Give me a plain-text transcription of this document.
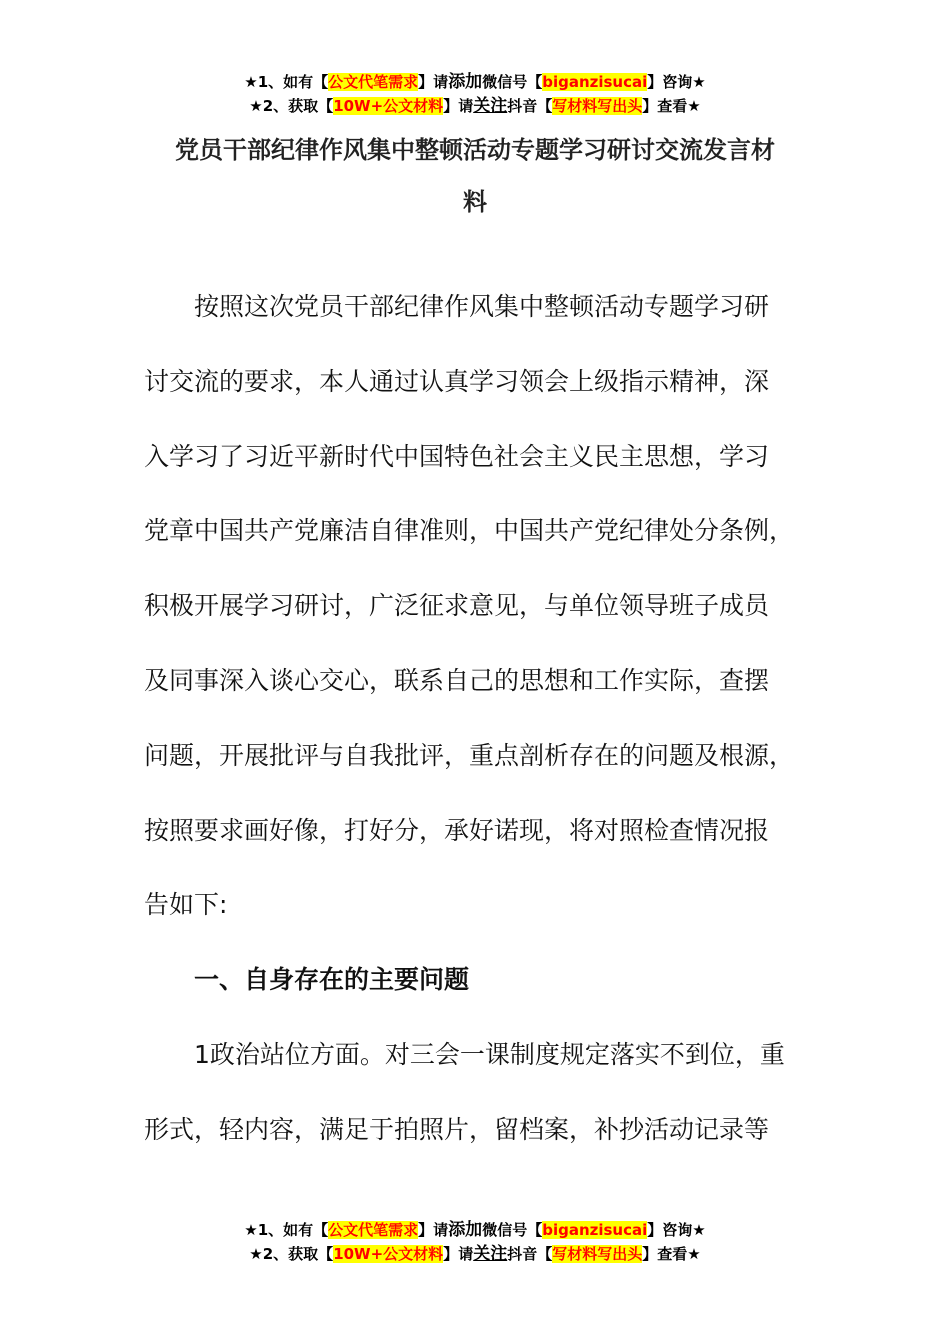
★1、如有【公文代笔需求】请添加微信号【biganzisucai】咨询★
★2、获取【10W+公文材料】请关注抖音【写材料写出头】查看★
党员干部纪律作风集中整顿活动专题学习研讨交流发言材
料
按照这次党员干部纪律作风集中整顿活动专题学习研
讨交流的要求，本人通过认真学习领会上级指示精神，深
入学习了习近平新时代中国特色社会主义民主思想，学习
党章中国共产党廉洁自律准则，中国共产党纪律处分条例，
积极开展学习研讨，广泛征求意见，与单位领导班子成员
及同事深入谈心交心，联系自己的思想和工作实际，查摆
问题，开展批评与自我批评，重点剖析存在的问题及根源，
按照要求画好像，打好分，承好诺现，将对照检查情况报
告如下:
一、自身存在的主要问题
1政治站位方面。对三会一课制度规定落实不到位，重
形式，轻内容，满足于拍照片，留档案，补抄活动记录等
★1、如有【公文代笔需求】请添加微信号【biganzisucai】咨询★
★2、获取【10W+公文材料】请关注抖音【写材料写出头】查看★
